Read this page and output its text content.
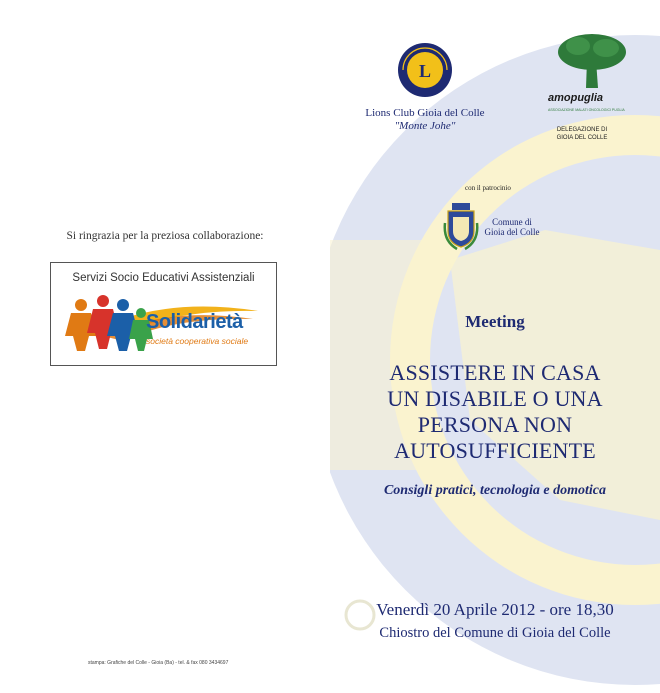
Si ringrazia per la preziosa collaborazione:
Servizi Socio Educativi Assistenziali
Solidarietà
società cooperativa sociale
stampa: Grafiche del Colle - Gioia (Ba) - tel. & fax 080 3434697
L
Lions Club Gioia del Colle
"Monte Johe"
amopuglia
ASSOCIAZIONE MALATI ONCOLOGICI PUGLIA
DELEGAZIONE DI
GIOIA DEL COLLE
con il patrocinio
Comune di
Gioia del Colle
Meeting
ASSISTERE IN CASA
UN DISABILE O UNA
PERSONA NON
AUTOSUFFICIENTE
Consigli pratici, tecnologia e domotica
Venerdì 20 Aprile 2012 - ore 18,30
Chiostro del Comune di Gioia del Colle
